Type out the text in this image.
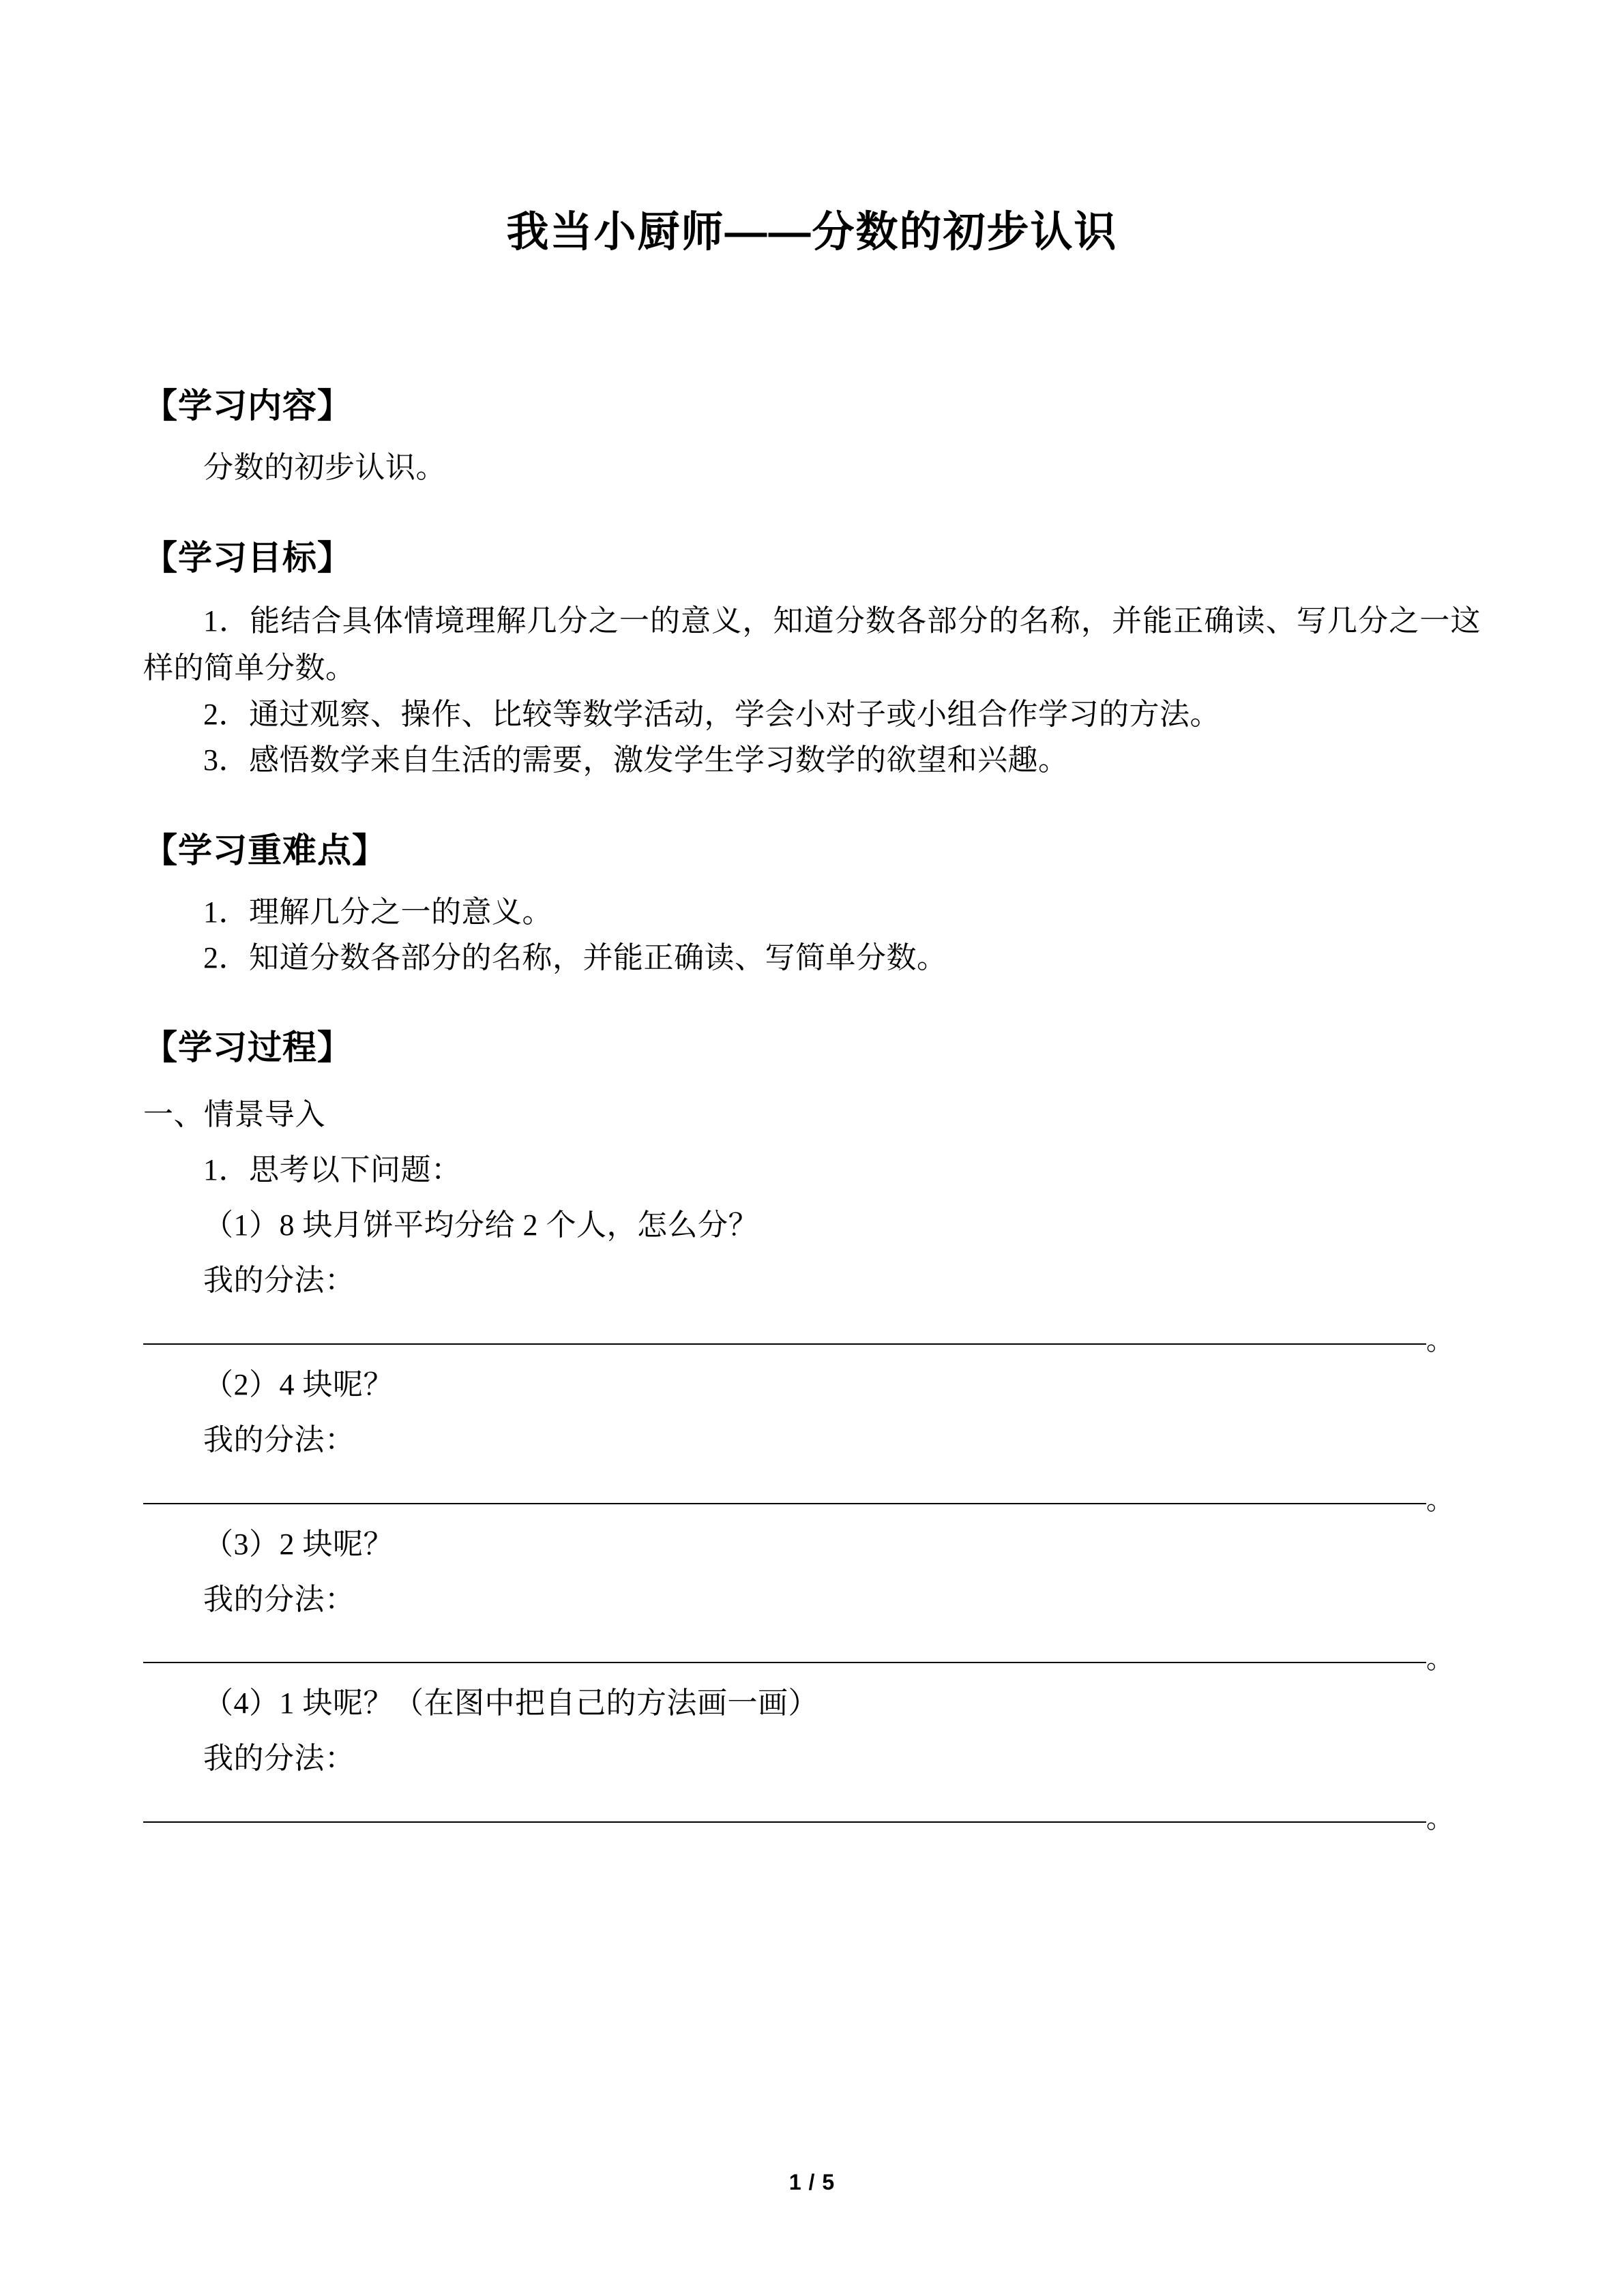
我当小厨师——分数的初步认识
【学习内容】

分数的初步认识。

【学习目标】

1．能结合具体情境理解几分之一的意义，知道分数各部分的名称，并能正确读、写几分之一这样的简单分数。

2．通过观察、操作、比较等数学活动，学会小对子或小组合作学习的方法。

3．感悟数学来自生活的需要，激发学生学习数学的欲望和兴趣。

【学习重难点】

1．理解几分之一的意义。

2．知道分数各部分的名称，并能正确读、写简单分数。

【学习过程】

一、情景导入

1．思考以下问题：

（1）8 块月饼平均分给 2 个人，怎么分？

我的分法：

。

（2）4 块呢？

我的分法：

。

（3）2 块呢？

我的分法：

。

（4）1 块呢？（在图中把自己的方法画一画）

我的分法：

。
1 / 5
